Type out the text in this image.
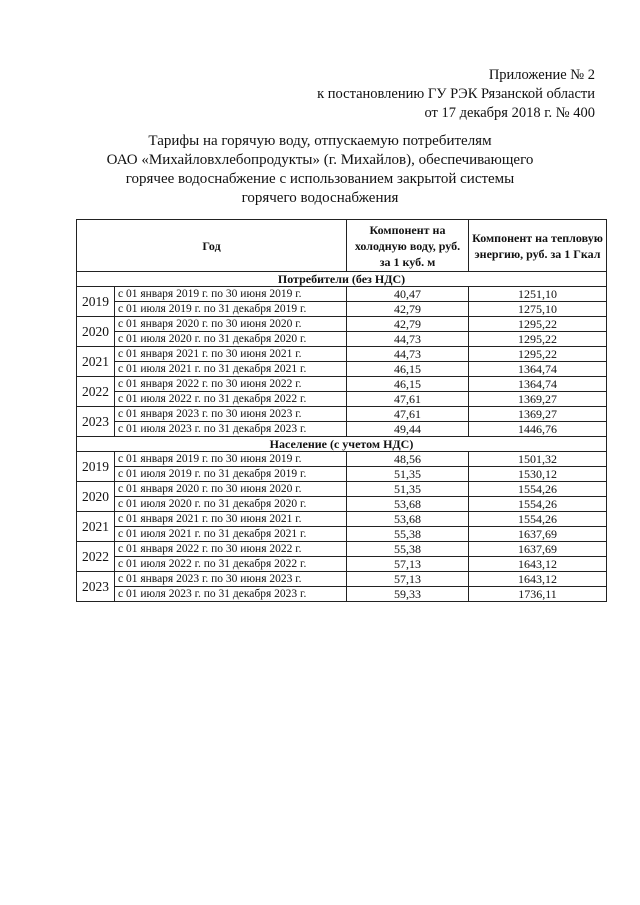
Приложение № 2
к постановлению ГУ РЭК Рязанской области
от 17 декабря 2018 г. № 400
Тарифы на горячую воду, отпускаемую потребителям
ОАО «Михайловхлебопродукты» (г. Михайлов), обеспечивающего
горячее водоснабжение с использованием закрытой системы
горячего водоснабжения
Год		Компонент на холодную воду, руб. за 1 куб. м	Компонент на тепловую энергию, руб. за 1 Гкал
Потребители (без НДС)			
2019	с 01 января 2019 г. по 30 июня 2019 г.	40,47	1251,10
	с 01 июля 2019 г. по 31 декабря 2019 г.	42,79	1275,10
2020	с 01 января 2020 г. по 30 июня 2020 г.	42,79	1295,22
	с 01 июля 2020 г. по 31 декабря 2020 г.	44,73	1295,22
2021	с 01 января 2021 г. по 30 июня 2021 г.	44,73	1295,22
	с 01 июля 2021 г. по 31 декабря 2021 г.	46,15	1364,74
2022	с 01 января 2022 г. по 30 июня 2022 г.	46,15	1364,74
	с 01 июля 2022 г. по 31 декабря 2022 г.	47,61	1369,27
2023	с 01 января 2023 г. по 30 июня 2023 г.	47,61	1369,27
	с 01 июля 2023 г. по 31 декабря 2023 г.	49,44	1446,76
Население (с учетом НДС)			
2019	с 01 января 2019 г. по 30 июня 2019 г.	48,56	1501,32
	с 01 июля 2019 г. по 31 декабря 2019 г.	51,35	1530,12
2020	с 01 января 2020 г. по 30 июня 2020 г.	51,35	1554,26
	с 01 июля 2020 г. по 31 декабря 2020 г.	53,68	1554,26
2021	с 01 января 2021 г. по 30 июня 2021 г.	53,68	1554,26
	с 01 июля 2021 г. по 31 декабря 2021 г.	55,38	1637,69
2022	с 01 января 2022 г. по 30 июня 2022 г.	55,38	1637,69
	с 01 июля 2022 г. по 31 декабря 2022 г.	57,13	1643,12
2023	с 01 января 2023 г. по 30 июня 2023 г.	57,13	1643,12
	с 01 июля 2023 г. по 31 декабря 2023 г.	59,33	1736,11
